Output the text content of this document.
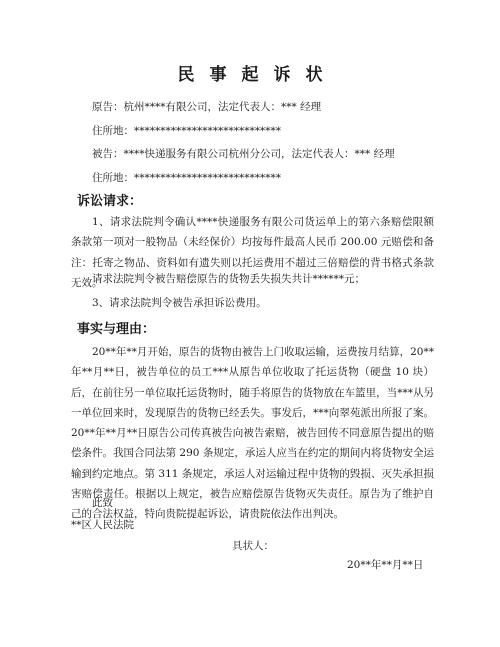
民事起诉状
原告：杭州****有限公司，法定代表人：*** 经理
住所地：****************************
被告：****快递服务有限公司杭州分公司，法定代表人：*** 经理
住所地：****************************
诉讼请求：
1、请求法院判令确认****快递服务有限公司货运单上的第六条赔偿限额条款第一项对一般物品（未经保价）均按每件最高人民币 200.00 元赔偿和备注：托寄之物品、资料如有遗失则以托运费用不超过三倍赔偿的背书格式条款无效。
请求法院判令被告赔偿原告的货物丢失损失共计******元；
3、请求法院判令被告承担诉讼费用。
事实与理由：
20**年**月开始，原告的货物由被告上门收取运输，运费按月结算，20**年**月**日，被告单位的员工***从原告单位收取了托运货物（硬盘 10 块）后，在前往另一单位取托运货物时，随手将原告的货物放在车篮里，当***从另一单位回来时，发现原告的货物已经丢失。事发后，***向翠苑派出所报了案。20**年**月**日原告公司传真被告向被告索赔，被告回传不同意原告提出的赔偿条件。我国合同法第 290 条规定，承运人应当在约定的期间内将货物安全运输到约定地点。第 311 条规定，承运人对运输过程中货物的毁损、灭失承担损害赔偿责任。根据以上规定，被告应赔偿原告货物灭失责任。原告为了维护自己的合法权益，特向贵院提起诉讼，请贵院依法作出判决。
此致
**区人民法院
具状人：
20**年**月**日
